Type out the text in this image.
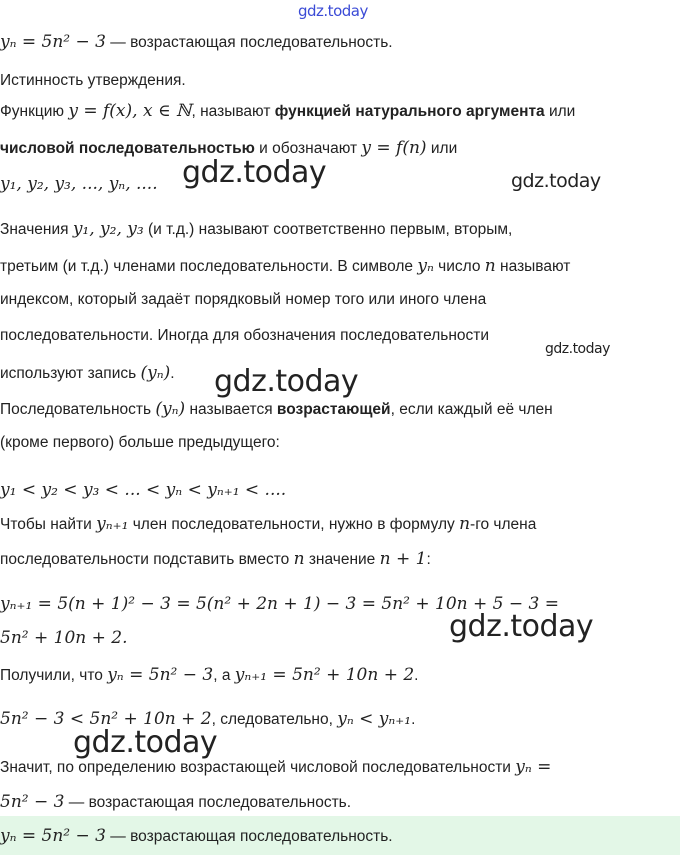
gdz.today
gdz.today	gdz.today
gdz.today
gdz.today
gdz.today
gdz.today
yₙ = 5n² − 3 — возрастающая последовательность.
Истинность утверждения.
Функцию y = f(x), x ∈ ℕ, называют функцией натурального аргумента или
числовой последовательностью и обозначают y = f(n) или
y₁, y₂, y₃, ..., yₙ, ....
Значения y₁, y₂, y₃ (и т.д.) называют соответственно первым, вторым,
третьим (и т.д.) членами последовательности. В символе yₙ число n называют
индексом, который задаёт порядковый номер того или иного члена
последовательности. Иногда для обозначения последовательности
используют запись (yₙ).
Последовательность (yₙ) называется возрастающей, если каждый её член
(кроме первого) больше предыдущего:
y₁ < y₂ < y₃ < ... < yₙ < yₙ₊₁ < ....
Чтобы найти yₙ₊₁ член последовательности, нужно в формулу n-го члена
последовательности подставить вместо n значение n + 1:
yₙ₊₁ = 5(n + 1)² − 3 = 5(n² + 2n + 1) − 3 = 5n² + 10n + 5 − 3 =
5n² + 10n + 2.
Получили, что yₙ = 5n² − 3, а yₙ₊₁ = 5n² + 10n + 2.
5n² − 3 < 5n² + 10n + 2, следовательно, yₙ < yₙ₊₁.
Значит, по определению возрастающей числовой последовательности yₙ =
5n² − 3 — возрастающая последовательность.
yₙ = 5n² − 3 — возрастающая последовательность.
